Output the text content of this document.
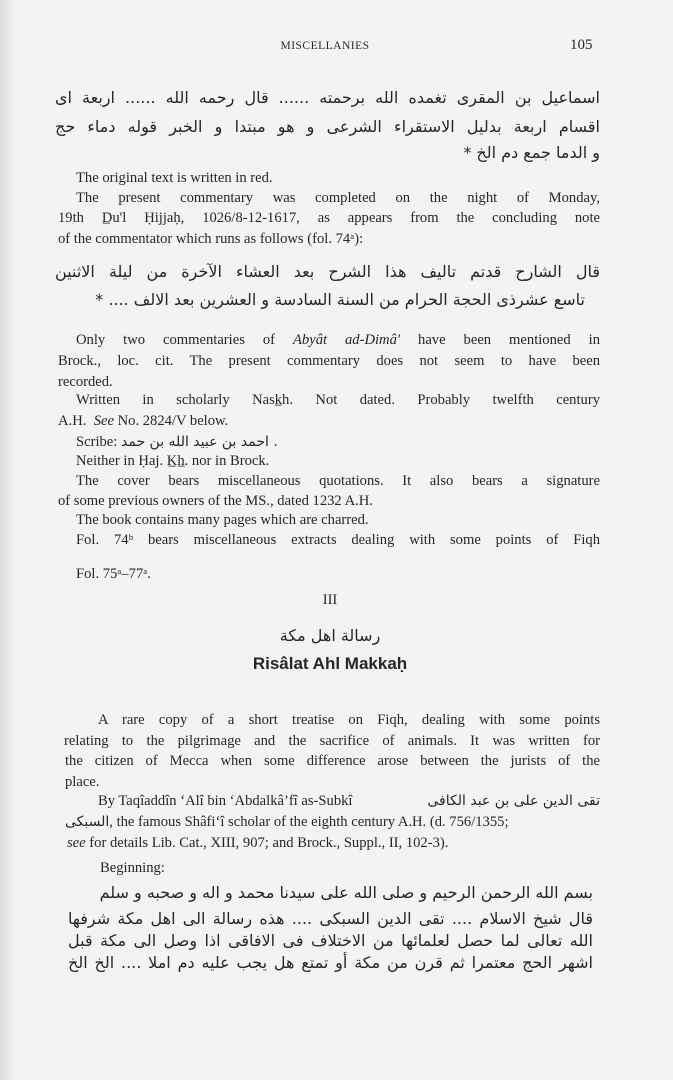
MISCELLANIES	105
اسماعيل بن المقرى تغمده الله برحمته ...... قال رحمه الله ...... اربعة اى
اقسام اربعة بدليل الاستقراء الشرعى و هو مبتدا و الخبر قوله دماء حج
و الدما جمع دم الخ *
The original text is written in red.
The present commentary was completed on the night of Monday,
19th D̲u'l Ḥijjaḥ, 1026/8-12-1617, as appears from the concluding note
of the commentator which runs as follows (fol. 74ᵃ):
قال الشارح قدتم تاليف هذا الشرح بعد العشاء الآخرة من ليلة الاثنين
تاسع عشرذى الحجة الحرام من السنة السادسة و العشرين بعد الالف .... *
Only two commentaries of Abyât ad-Dimâ' have been mentioned in
Brock., loc. cit. The present commentary does not seem to have been
recorded.
Written in scholarly Nask̲h. Not dated. Probably twelfth century
A.H. See No. 2824/V below.
Scribe: احمد بن عبيد الله بن حمد .
Neither in Ḥaj. K̲h̲. nor in Brock.
The cover bears miscellaneous quotations. It also bears a signature
of some previous owners of the MS., dated 1232 A.H.
The book contains many pages which are charred.
Fol. 74ᵇ bears miscellaneous extracts dealing with some points of Fiqh
Fol. 75ᵃ–77ᵃ.
III
رسالة اهل مكة
Risâlat Ahl Makkaḥ
A rare copy of a short treatise on Fiqh, dealing with some points
relating to the pilgrimage and the sacrifice of animals. It was written for
the citizen of Mecca when some difference arose between the jurists of the
place.
By Taqîaddîn ‘Alî bin ‘Abdalkâ’fî as-Subkî	تقى الدين على بن عبد الكافى
السبكى, the famous Shâfi‘î scholar of the eighth century A.H. (d. 756/1355;
see for details Lib. Cat., XIII, 907; and Brock., Suppl., II, 102-3).
Beginning:
بسم الله الرحمن الرحيم و صلى الله على سيدنا محمد و اله و صحبه و سلم
قال شيخ الاسلام .... تقى الدين السبكى .... هذه رسالة الى اهل مكة شرفها
الله تعالى لما حصل لعلمائها من الاختلاف فى الافاقى اذا وصل الى مكة قبل
اشهر الحج معتمرا ثم قرن من مكة أو تمتع هل يجب عليه دم املا .... الخ الخ
